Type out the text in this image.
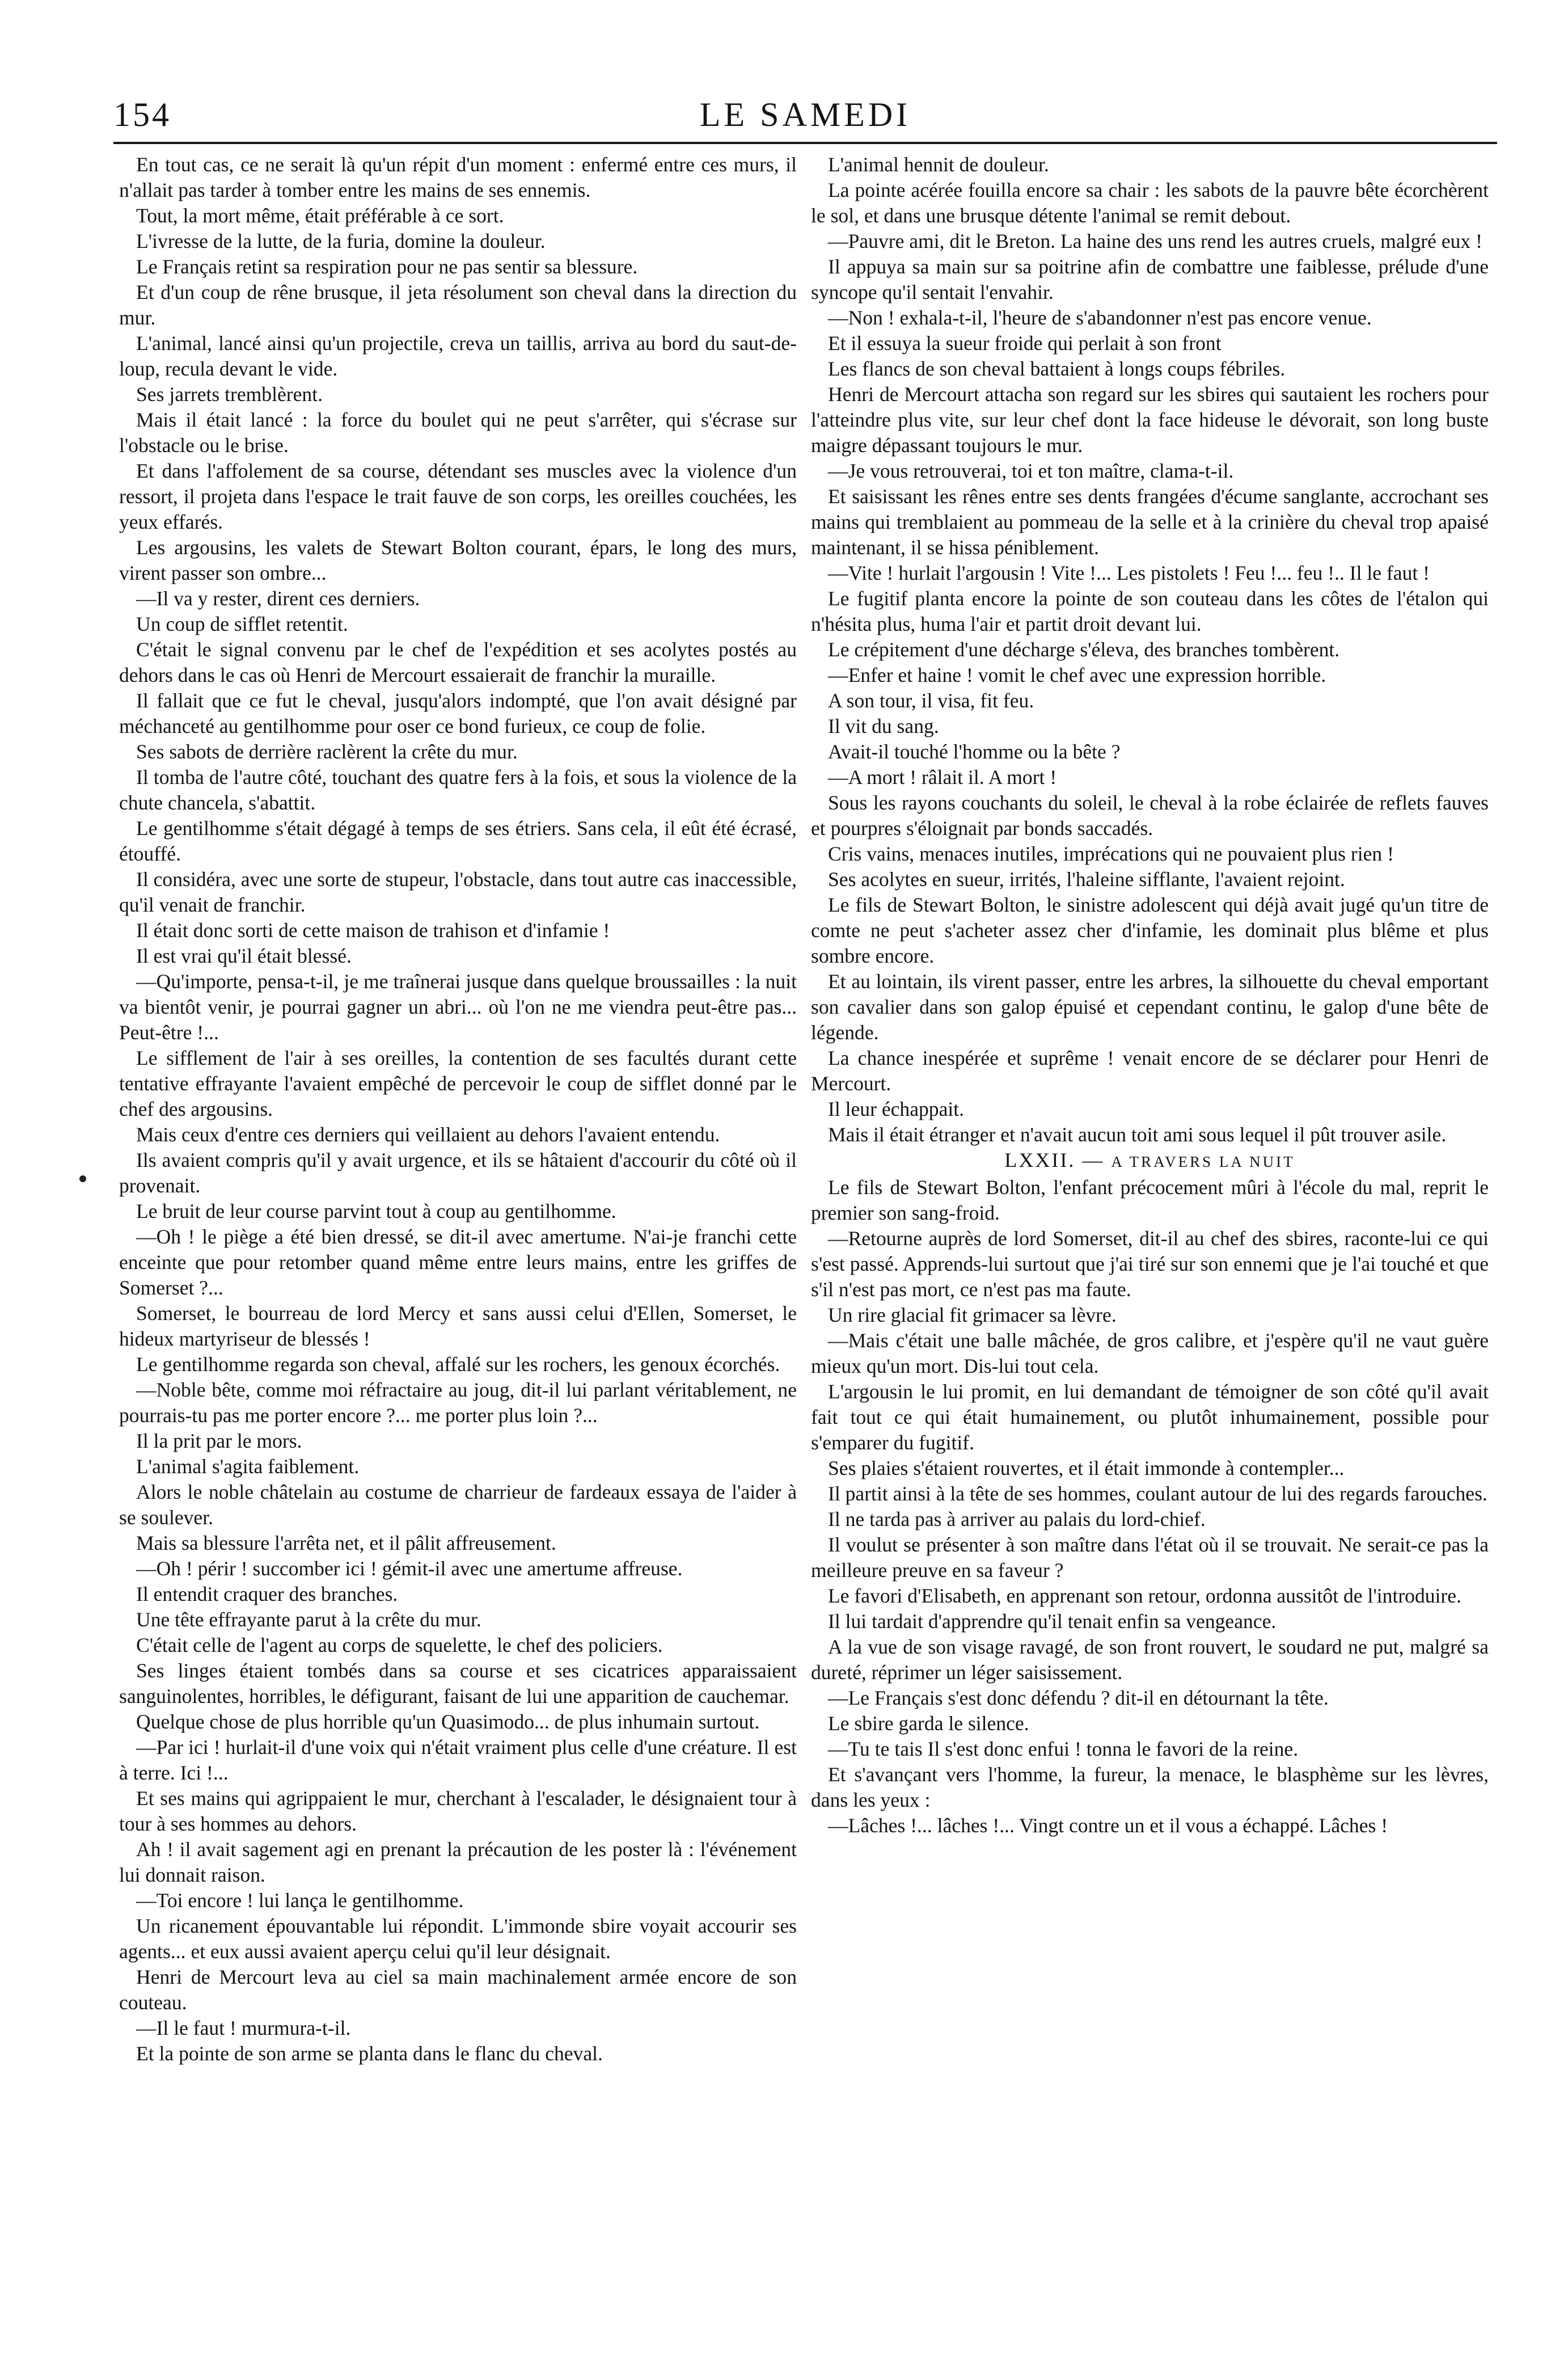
154	LE SAMEDI

En tout cas, ce ne serait là qu'un répit d'un moment : enfermé entre ces murs, il n'allait pas tarder à tomber entre les mains de ses ennemis.

Tout, la mort même, était préférable à ce sort.

L'ivresse de la lutte, de la furia, domine la douleur.

Le Français retint sa respiration pour ne pas sentir sa blessure.

Et d'un coup de rêne brusque, il jeta résolument son cheval dans la direction du mur.

L'animal, lancé ainsi qu'un projectile, creva un taillis, arriva au bord du saut-de-loup, recula devant le vide.

Ses jarrets tremblèrent.

Mais il était lancé : la force du boulet qui ne peut s'arrêter, qui s'écrase sur l'obstacle ou le brise.

Et dans l'affolement de sa course, détendant ses muscles avec la violence d'un ressort, il projeta dans l'espace le trait fauve de son corps, les oreilles couchées, les yeux effarés.

Les argousins, les valets de Stewart Bolton courant, épars, le long des murs, virent passer son ombre...

—Il va y rester, dirent ces derniers.

Un coup de sifflet retentit.

C'était le signal convenu par le chef de l'expédition et ses acolytes postés au dehors dans le cas où Henri de Mercourt essaierait de franchir la muraille.

Il fallait que ce fut le cheval, jusqu'alors indompté, que l'on avait désigné par méchanceté au gentilhomme pour oser ce bond furieux, ce coup de folie.

Ses sabots de derrière raclèrent la crête du mur.

Il tomba de l'autre côté, touchant des quatre fers à la fois, et sous la violence de la chute chancela, s'abattit.

Le gentilhomme s'était dégagé à temps de ses étriers. Sans cela, il eût été écrasé, étouffé.

Il considéra, avec une sorte de stupeur, l'obstacle, dans tout autre cas inaccessible, qu'il venait de franchir.

Il était donc sorti de cette maison de trahison et d'infamie !

Il est vrai qu'il était blessé.

—Qu'importe, pensa-t-il, je me traînerai jusque dans quelque broussailles : la nuit va bientôt venir, je pourrai gagner un abri... où l'on ne me viendra peut-être pas... Peut-être !...

Le sifflement de l'air à ses oreilles, la contention de ses facultés durant cette tentative effrayante l'avaient empêché de percevoir le coup de sifflet donné par le chef des argousins.

Mais ceux d'entre ces derniers qui veillaient au dehors l'avaient entendu.

Ils avaient compris qu'il y avait urgence, et ils se hâtaient d'accourir du côté où il provenait.

Le bruit de leur course parvint tout à coup au gentilhomme.

—Oh ! le piège a été bien dressé, se dit-il avec amertume. N'ai-je franchi cette enceinte que pour retomber quand même entre leurs mains, entre les griffes de Somerset ?...

Somerset, le bourreau de lord Mercy et sans aussi celui d'Ellen, Somerset, le hideux martyriseur de blessés !

Le gentilhomme regarda son cheval, affalé sur les rochers, les genoux écorchés.

—Noble bête, comme moi réfractaire au joug, dit-il lui parlant véritablement, ne pourrais-tu pas me porter encore ?... me porter plus loin ?...

Il la prit par le mors.

L'animal s'agita faiblement.

Alors le noble châtelain au costume de charrieur de fardeaux essaya de l'aider à se soulever.

Mais sa blessure l'arrêta net, et il pâlit affreusement.

—Oh ! périr ! succomber ici ! gémit-il avec une amertume affreuse.

Il entendit craquer des branches.

Une tête effrayante parut à la crête du mur.

C'était celle de l'agent au corps de squelette, le chef des policiers.

Ses linges étaient tombés dans sa course et ses cicatrices apparaissaient sanguinolentes, horribles, le défigurant, faisant de lui une apparition de cauchemar.

Quelque chose de plus horrible qu'un Quasimodo... de plus inhumain surtout.

—Par ici ! hurlait-il d'une voix qui n'était vraiment plus celle d'une créature. Il est à terre. Ici !...

Et ses mains qui agrippaient le mur, cherchant à l'escalader, le désignaient tour à tour à ses hommes au dehors.

Ah ! il avait sagement agi en prenant la précaution de les poster là : l'événement lui donnait raison.

—Toi encore ! lui lança le gentilhomme.

Un ricanement épouvantable lui répondit. L'immonde sbire voyait accourir ses agents... et eux aussi avaient aperçu celui qu'il leur désignait.

Henri de Mercourt leva au ciel sa main machinalement armée encore de son couteau.

—Il le faut ! murmura-t-il.

Et la pointe de son arme se planta dans le flanc du cheval.

L'animal hennit de douleur.

La pointe acérée fouilla encore sa chair : les sabots de la pauvre bête écorchèrent le sol, et dans une brusque détente l'animal se remit debout.

—Pauvre ami, dit le Breton. La haine des uns rend les autres cruels, malgré eux !

Il appuya sa main sur sa poitrine afin de combattre une faiblesse, prélude d'une syncope qu'il sentait l'envahir.

—Non ! exhala-t-il, l'heure de s'abandonner n'est pas encore venue.

Et il essuya la sueur froide qui perlait à son front

Les flancs de son cheval battaient à longs coups fébriles.

Henri de Mercourt attacha son regard sur les sbires qui sautaient les rochers pour l'atteindre plus vite, sur leur chef dont la face hideuse le dévorait, son long buste maigre dépassant toujours le mur.

—Je vous retrouverai, toi et ton maître, clama-t-il.

Et saisissant les rênes entre ses dents frangées d'écume sanglante, accrochant ses mains qui tremblaient au pommeau de la selle et à la crinière du cheval trop apaisé maintenant, il se hissa péniblement.

—Vite ! hurlait l'argousin ! Vite !... Les pistolets ! Feu !... feu !.. Il le faut !

Le fugitif planta encore la pointe de son couteau dans les côtes de l'étalon qui n'hésita plus, huma l'air et partit droit devant lui.

Le crépitement d'une décharge s'éleva, des branches tombèrent.

—Enfer et haine ! vomit le chef avec une expression horrible.

A son tour, il visa, fit feu.

Il vit du sang.

Avait-il touché l'homme ou la bête ?

—A mort ! râlait il. A mort !

Sous les rayons couchants du soleil, le cheval à la robe éclairée de reflets fauves et pourpres s'éloignait par bonds saccadés.

Cris vains, menaces inutiles, imprécations qui ne pouvaient plus rien !

Ses acolytes en sueur, irrités, l'haleine sifflante, l'avaient rejoint.

Le fils de Stewart Bolton, le sinistre adolescent qui déjà avait jugé qu'un titre de comte ne peut s'acheter assez cher d'infamie, les dominait plus blême et plus sombre encore.

Et au lointain, ils virent passer, entre les arbres, la silhouette du cheval emportant son cavalier dans son galop épuisé et cependant continu, le galop d'une bête de légende.

La chance inespérée et suprême ! venait encore de se déclarer pour Henri de Mercourt.

Il leur échappait.

Mais il était étranger et n'avait aucun toit ami sous lequel il pût trouver asile.

LXXII. — A TRAVERS LA NUIT

Le fils de Stewart Bolton, l'enfant précocement mûri à l'école du mal, reprit le premier son sang-froid.

—Retourne auprès de lord Somerset, dit-il au chef des sbires, raconte-lui ce qui s'est passé. Apprends-lui surtout que j'ai tiré sur son ennemi que je l'ai touché et que s'il n'est pas mort, ce n'est pas ma faute.

Un rire glacial fit grimacer sa lèvre.

—Mais c'était une balle mâchée, de gros calibre, et j'espère qu'il ne vaut guère mieux qu'un mort. Dis-lui tout cela.

L'argousin le lui promit, en lui demandant de témoigner de son côté qu'il avait fait tout ce qui était humainement, ou plutôt inhumainement, possible pour s'emparer du fugitif.

Ses plaies s'étaient rouvertes, et il était immonde à contempler...

Il partit ainsi à la tête de ses hommes, coulant autour de lui des regards farouches.

Il ne tarda pas à arriver au palais du lord-chief.

Il voulut se présenter à son maître dans l'état où il se trouvait. Ne serait-ce pas la meilleure preuve en sa faveur ?

Le favori d'Elisabeth, en apprenant son retour, ordonna aussitôt de l'introduire.

Il lui tardait d'apprendre qu'il tenait enfin sa vengeance.

A la vue de son visage ravagé, de son front rouvert, le soudard ne put, malgré sa dureté, réprimer un léger saisissement.

—Le Français s'est donc défendu ? dit-il en détournant la tête.

Le sbire garda le silence.

—Tu te tais Il s'est donc enfui ! tonna le favori de la reine.

Et s'avançant vers l'homme, la fureur, la menace, le blasphème sur les lèvres, dans les yeux :

—Lâches !... lâches !... Vingt contre un et il vous a échappé. Lâches !
